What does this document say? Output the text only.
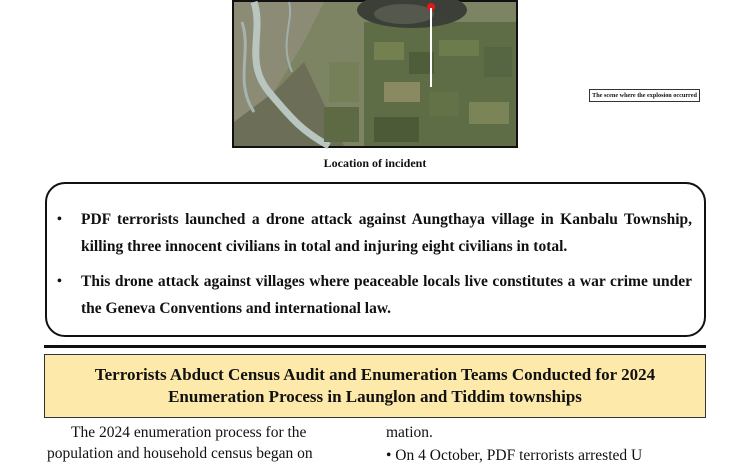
The scene where the explosion occurred
Location of incident
•	PDF terrorists launched a drone attack against Aungthaya village in Kanbalu Township, killing three innocent civilians in total and injuring eight civilians in total.
•	This drone attack against villages where peaceable locals live constitutes a war crime under the Geneva Conventions and international law.
Terrorists Abduct Census Audit and Enumeration Teams Conducted for 2024
Enumeration Process in Launglon and Tiddim townships
The 2024 enumeration process for the
population and household census began on
mation.
• On 4 October, PDF terrorists arrested U
